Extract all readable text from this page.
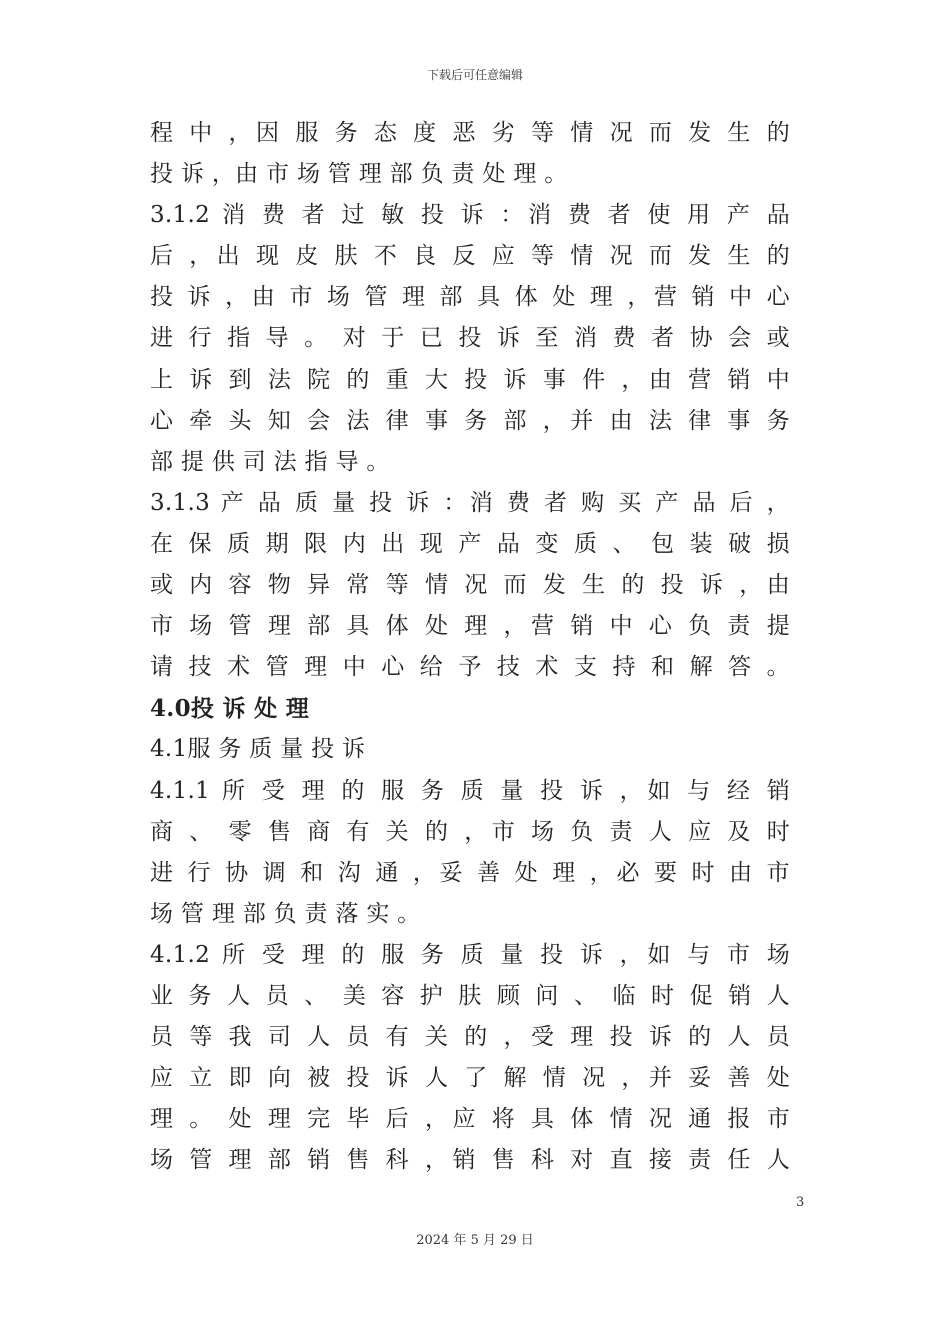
下载后可任意编辑
程 中 ，因 服 务 态 度 恶 劣 等 情 况 而 发 生 的
投 诉 ，由 市 场 管 理 部 负 责 处 理 。
3.1.2 消 费 者 过 敏 投 诉 ：消 费 者 使 用 产 品
后 ，出 现 皮 肤 不 良 反 应 等 情 况 而 发 生 的
投 诉 ，由 市 场 管 理 部 具 体 处 理 ，营 销 中 心
进 行 指 导 。 对 于 已 投 诉 至 消 费 者 协 会 或
上 诉 到 法 院 的 重 大 投 诉 事 件 ，由 营 销 中
心 牵 头 知 会 法 律 事 务 部 ，并 由 法 律 事 务
部 提 供 司 法 指 导 。
3.1.3 产 品 质 量 投 诉 ：消 费 者 购 买 产 品 后 ，
在 保 质 期 限 内 出 现 产 品 变 质 、 包 装 破 损
或 内 容 物 异 常 等 情 况 而 发 生 的 投 诉 ，由
市 场 管 理 部 具 体 处 理 ，营 销 中 心 负 责 提
请 技 术 管 理 中 心 给 予 技 术 支 持 和 解 答 。
4.0投 诉 处 理
4.1服 务 质 量 投 诉
4.1.1 所 受 理 的 服 务 质 量 投 诉 ，如 与 经 销
商 、 零 售 商 有 关 的 ，市 场 负 责 人 应 及 时
进 行 协 调 和 沟 通 ，妥 善 处 理 ，必 要 时 由 市
场 管 理 部 负 责 落 实 。
4.1.2 所 受 理 的 服 务 质 量 投 诉 ，如 与 市 场
业 务 人 员 、 美 容 护 肤 顾 问 、 临 时 促 销 人
员 等 我 司 人 员 有 关 的 ，受 理 投 诉 的 人 员
应 立 即 向 被 投 诉 人 了 解 情 况 ，并 妥 善 处
理 。 处 理 完 毕 后 ，应 将 具 体 情 况 通 报 市
场 管 理 部 销 售 科 ，销 售 科 对 直 接 责 任 人
3
2024 年 5 月 29 日
